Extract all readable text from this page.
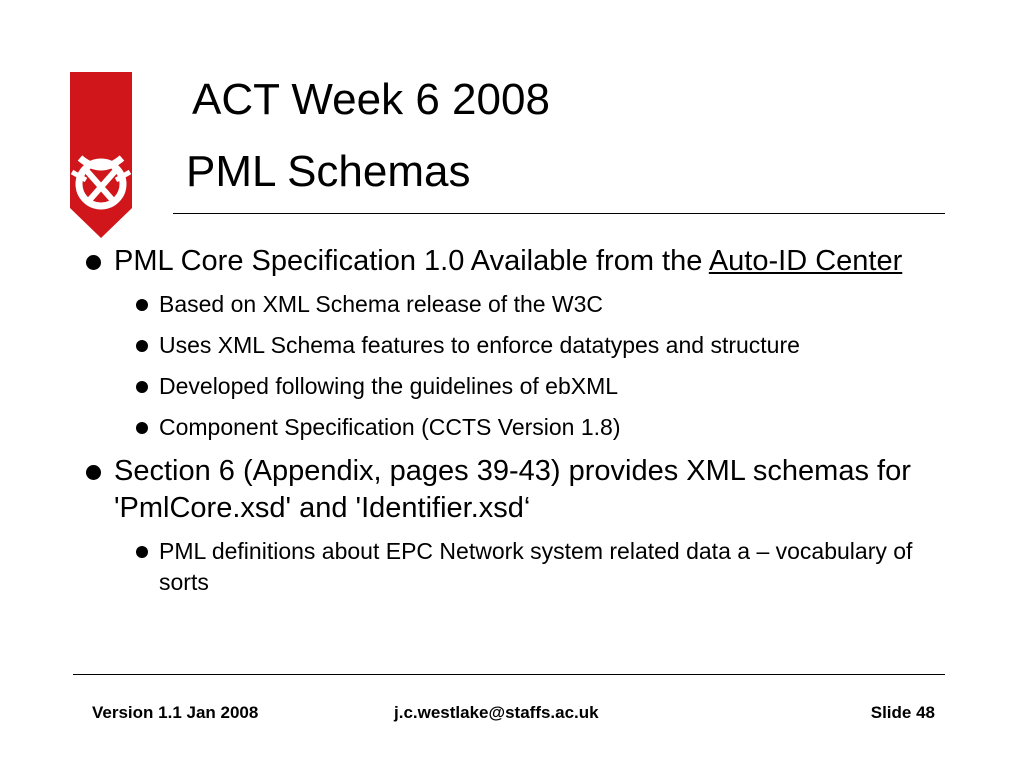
ACT Week 6 2008
PML Schemas
PML Core Specification 1.0 Available from the Auto-ID Center
Based on XML Schema release of the W3C
Uses XML Schema features to enforce datatypes and structure
Developed following the guidelines of ebXML
Component Specification (CCTS Version 1.8)
Section 6 (Appendix, pages 39-43) provides XML schemas for 'PmlCore.xsd' and 'Identifier.xsd‘
PML definitions about EPC Network system related data a – vocabulary of sorts
Version 1.1 Jan 2008	j.c.westlake@staffs.ac.uk	Slide 48
